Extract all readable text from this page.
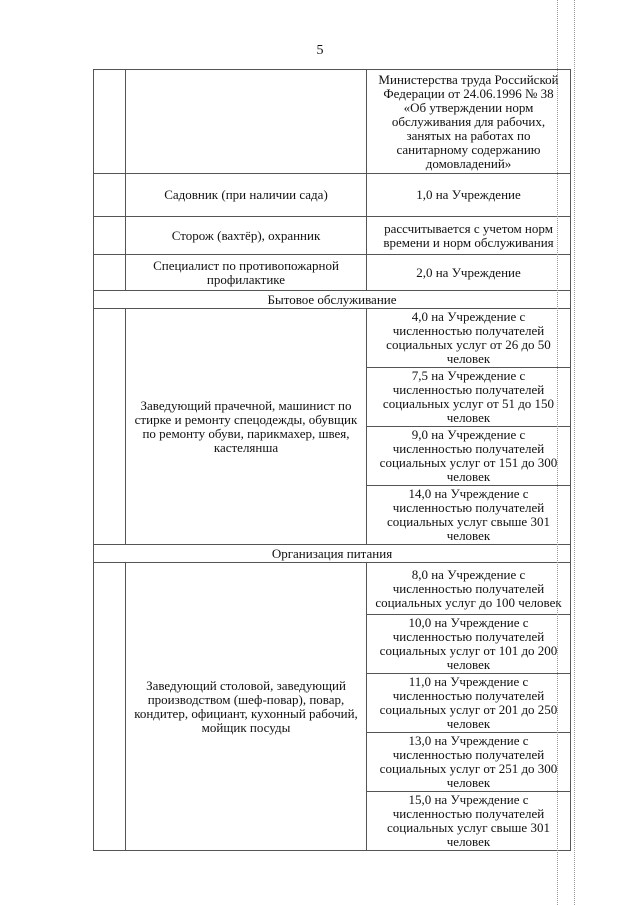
5
		Министерства труда Российской Федерации от 24.06.1996 № 38 «Об утверждении норм обслуживания для рабочих, занятых на работах по санитарному содержанию домовладений»
	Садовник (при наличии сада)	1,0 на Учреждение
	Сторож (вахтёр), охранник	рассчитывается с учетом норм времени и норм обслуживания
	Специалист по противопожарной профилактике	2,0 на Учреждение
Бытовое обслуживание		
	Заведующий прачечной, машинист по стирке и ремонту спецодежды, обувщик по ремонту обуви, парикмахер, швея, кастелянша	4,0 на Учреждение с численностью получателей социальных услуг от 26 до 50 человек
		7,5 на Учреждение с численностью получателей социальных услуг от 51 до 150 человек
		9,0 на Учреждение с численностью получателей социальных услуг от 151 до 300 человек
		14,0 на Учреждение с численностью получателей социальных услуг свыше 301 человек
Организация питания		
	Заведующий столовой, заведующий производством (шеф-повар), повар, кондитер, официант, кухонный рабочий, мойщик посуды	8,0 на Учреждение с численностью получателей социальных услуг до 100 человек
		10,0 на Учреждение с численностью получателей социальных услуг от 101 до 200 человек
		11,0 на Учреждение с численностью получателей социальных услуг от 201 до 250 человек
		13,0 на Учреждение с численностью получателей социальных услуг от 251 до 300 человек
		15,0 на Учреждение с численностью получателей социальных услуг свыше 301 человек
